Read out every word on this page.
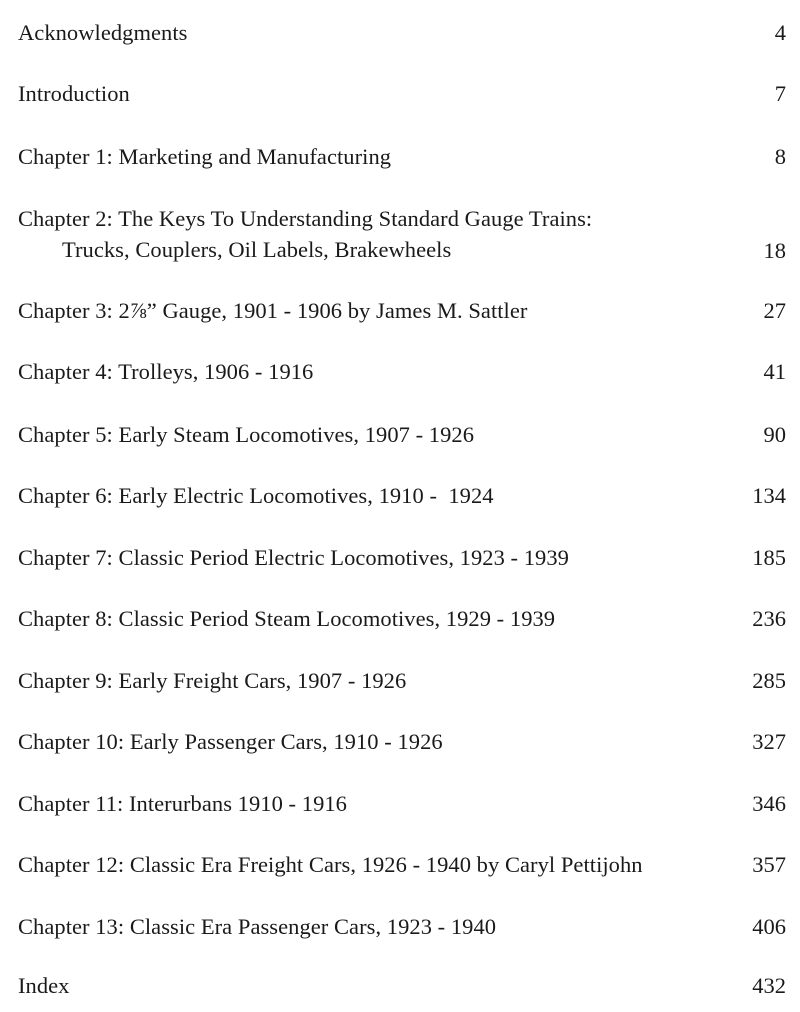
Acknowledgments	4
Introduction	7
Chapter 1: Marketing and Manufacturing	8
Chapter 2: The Keys To Understanding Standard Gauge Trains:
Trucks, Couplers, Oil Labels, Brakewheels	18
Chapter 3: 2⅞” Gauge, 1901 - 1906 by James M. Sattler	27
Chapter 4: Trolleys, 1906 - 1916	41
Chapter 5: Early Steam Locomotives, 1907 - 1926	90
Chapter 6: Early Electric Locomotives, 1910 -  1924	134
Chapter 7: Classic Period Electric Locomotives, 1923 - 1939	185
Chapter 8: Classic Period Steam Locomotives, 1929 - 1939	236
Chapter 9: Early Freight Cars, 1907 - 1926	285
Chapter 10: Early Passenger Cars, 1910 - 1926	327
Chapter 11: Interurbans 1910 - 1916	346
Chapter 12: Classic Era Freight Cars, 1926 - 1940 by Caryl Pettijohn	357
Chapter 13: Classic Era Passenger Cars, 1923 - 1940	406
Index	432
